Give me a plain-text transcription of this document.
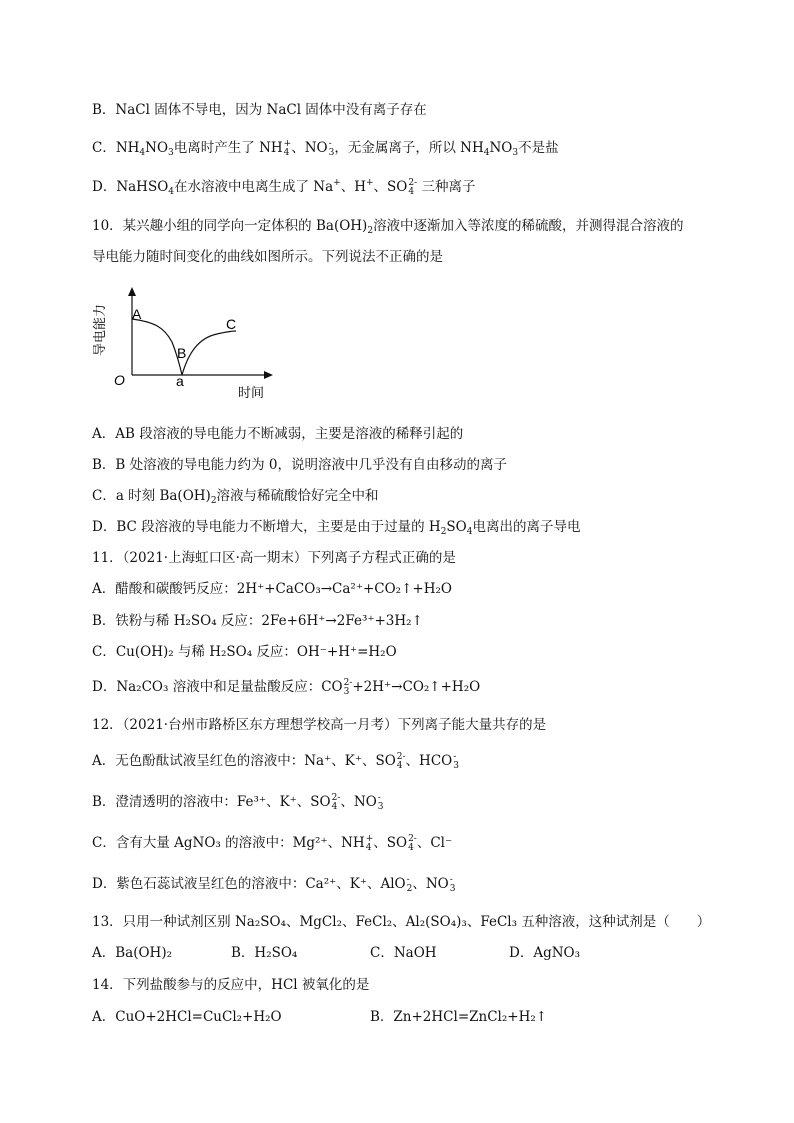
B．NaCl 固体不导电，因为 NaCl 固体中没有离子存在
C．$NH_4NO_3$电离时产生了 NH +
4 、NO -
3 ，无金属离子，所以 $NH_4NO_3$不是盐
D．NaHSO$_4$在水溶液中电离生成了 Na+、H+、SO 2-
4 三种离子
10．某兴趣小组的同学向一定体积的 $Ba(OH)_2$溶液中逐渐加入等浓度的稀硫酸，并测得混合溶液的
导电能力随时间变化的曲线如图所示。下列说法不正确的是
导电能力 A
B
C
a
O
时间
A．AB 段溶液的导电能力不断减弱，主要是溶液的稀释引起的
B．B 处溶液的导电能力约为 0，说明溶液中几乎没有自由移动的离子
C．a 时刻 $Ba(OH)_2$溶液与稀硫酸恰好完全中和
D．BC 段溶液的导电能力不断增大，主要是由于过量的 $H_2SO_4$电离出的离子导电
11．（2021·上海虹口区·高一期末）下列离子方程式正确的是
A．醋酸和碳酸钙反应：2H⁺+CaCO₃→Ca²⁺+CO₂↑+H₂O
B．铁粉与稀 H₂SO₄ 反应：2Fe+6H⁺→2Fe³⁺+3H₂↑
C．Cu(OH)₂ 与稀 H₂SO₄ 反应：OH⁻+H⁺=H₂O
D．Na₂CO₃ 溶液中和足量盐酸反应：CO 2-
3 +2H⁺→CO₂↑+H₂O
12．（2021·台州市路桥区东方理想学校高一月考）下列离子能大量共存的是
A．无色酚酞试液呈红色的溶液中：Na⁺、K⁺、SO 2-
4 、HCO -
3
B．澄清透明的溶液中：Fe³⁺、K⁺、SO 2-
4 、NO -
3
C．含有大量 AgNO₃ 的溶液中：Mg²⁺、NH +
4 、SO 2-
4 、Cl⁻
D．紫色石蕊试液呈红色的溶液中：Ca²⁺、K⁺、AlO -
2 、NO -
3
13．只用一种试剂区别 Na₂SO₄、MgCl₂、FeCl₂、Al₂(SO₄)₃、FeCl₃ 五种溶液，这种试剂是（　　）
A．Ba(OH)₂	B．H₂SO₄	C．NaOH	D．AgNO₃
14．下列盐酸参与的反应中，HCl 被氧化的是
A．CuO+2HCl=CuCl₂+H₂O	B．Zn+2HCl=ZnCl₂+H₂↑
